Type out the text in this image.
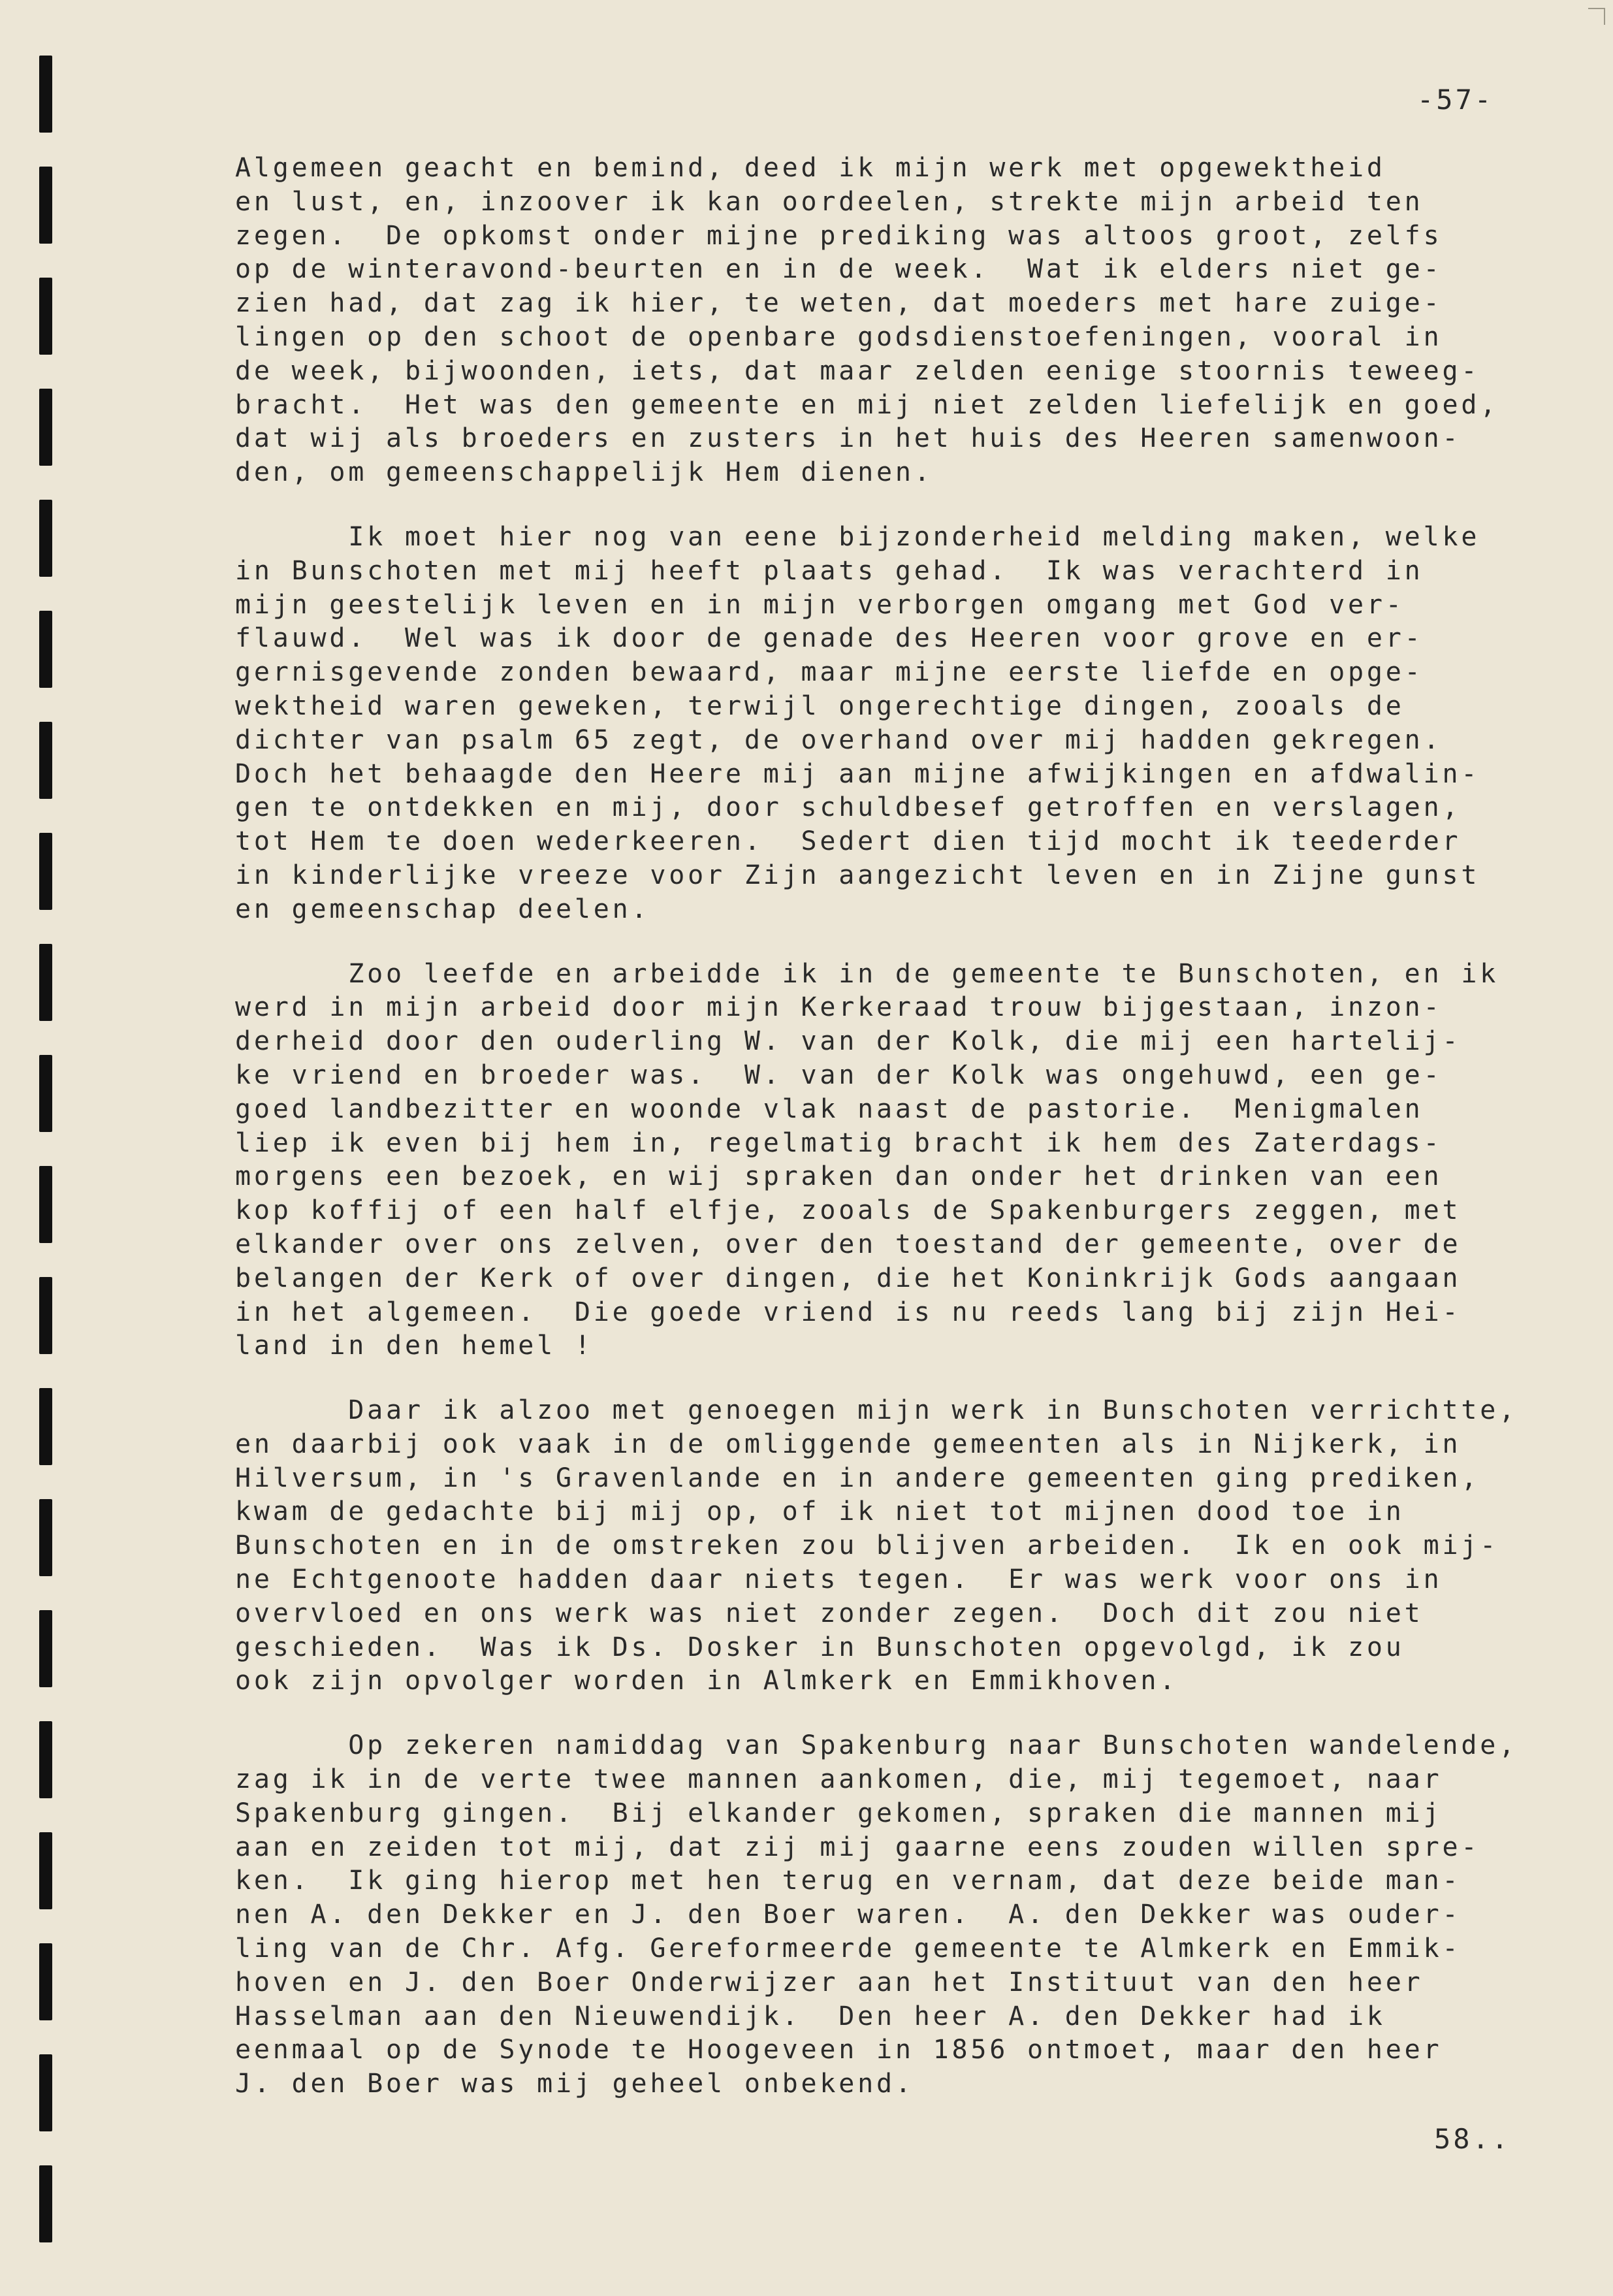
-57-
Algemeen geacht en bemind, deed ik mijn werk met opgewektheid
en lust, en, inzoover ik kan oordeelen, strekte mijn arbeid ten
zegen.  De opkomst onder mijne prediking was altoos groot, zelfs
op de winteravond-beurten en in de week.  Wat ik elders niet ge-
zien had, dat zag ik hier, te weten, dat moeders met hare zuige-
lingen op den schoot de openbare godsdienstoefeningen, vooral in
de week, bijwoonden, iets, dat maar zelden eenige stoornis teweeg-
bracht.  Het was den gemeente en mij niet zelden liefelijk en goed,
dat wij als broeders en zusters in het huis des Heeren samenwoon-
den, om gemeenschappelijk Hem dienen.
Ik moet hier nog van eene bijzonderheid melding maken, welke
in Bunschoten met mij heeft plaats gehad.  Ik was verachterd in
mijn geestelijk leven en in mijn verborgen omgang met God ver-
flauwd.  Wel was ik door de genade des Heeren voor grove en er-
gernisgevende zonden bewaard, maar mijne eerste liefde en opge-
wektheid waren geweken, terwijl ongerechtige dingen, zooals de
dichter van psalm 65 zegt, de overhand over mij hadden gekregen.
Doch het behaagde den Heere mij aan mijne afwijkingen en afdwalin-
gen te ontdekken en mij, door schuldbesef getroffen en verslagen,
tot Hem te doen wederkeeren.  Sedert dien tijd mocht ik teederder
in kinderlijke vreeze voor Zijn aangezicht leven en in Zijne gunst
en gemeenschap deelen.
Zoo leefde en arbeidde ik in de gemeente te Bunschoten, en ik
werd in mijn arbeid door mijn Kerkeraad trouw bijgestaan, inzon-
derheid door den ouderling W. van der Kolk, die mij een hartelij-
ke vriend en broeder was.  W. van der Kolk was ongehuwd, een ge-
goed landbezitter en woonde vlak naast de pastorie.  Menigmalen
liep ik even bij hem in, regelmatig bracht ik hem des Zaterdags-
morgens een bezoek, en wij spraken dan onder het drinken van een
kop koffij of een half elfje, zooals de Spakenburgers zeggen, met
elkander over ons zelven, over den toestand der gemeente, over de
belangen der Kerk of over dingen, die het Koninkrijk Gods aangaan
in het algemeen.  Die goede vriend is nu reeds lang bij zijn Hei-
land in den hemel !
Daar ik alzoo met genoegen mijn werk in Bunschoten verrichtte,
en daarbij ook vaak in de omliggende gemeenten als in Nijkerk, in
Hilversum, in 's Gravenlande en in andere gemeenten ging prediken,
kwam de gedachte bij mij op, of ik niet tot mijnen dood toe in
Bunschoten en in de omstreken zou blijven arbeiden.  Ik en ook mij-
ne Echtgenoote hadden daar niets tegen.  Er was werk voor ons in
overvloed en ons werk was niet zonder zegen.  Doch dit zou niet
geschieden.  Was ik Ds. Dosker in Bunschoten opgevolgd, ik zou
ook zijn opvolger worden in Almkerk en Emmikhoven.
Op zekeren namiddag van Spakenburg naar Bunschoten wandelende,
zag ik in de verte twee mannen aankomen, die, mij tegemoet, naar
Spakenburg gingen.  Bij elkander gekomen, spraken die mannen mij
aan en zeiden tot mij, dat zij mij gaarne eens zouden willen spre-
ken.  Ik ging hierop met hen terug en vernam, dat deze beide man-
nen A. den Dekker en J. den Boer waren.  A. den Dekker was ouder-
ling van de Chr. Afg. Gereformeerde gemeente te Almkerk en Emmik-
hoven en J. den Boer Onderwijzer aan het Instituut van den heer
Hasselman aan den Nieuwendijk.  Den heer A. den Dekker had ik
eenmaal op de Synode te Hoogeveen in 1856 ontmoet, maar den heer
J. den Boer was mij geheel onbekend.
58..
